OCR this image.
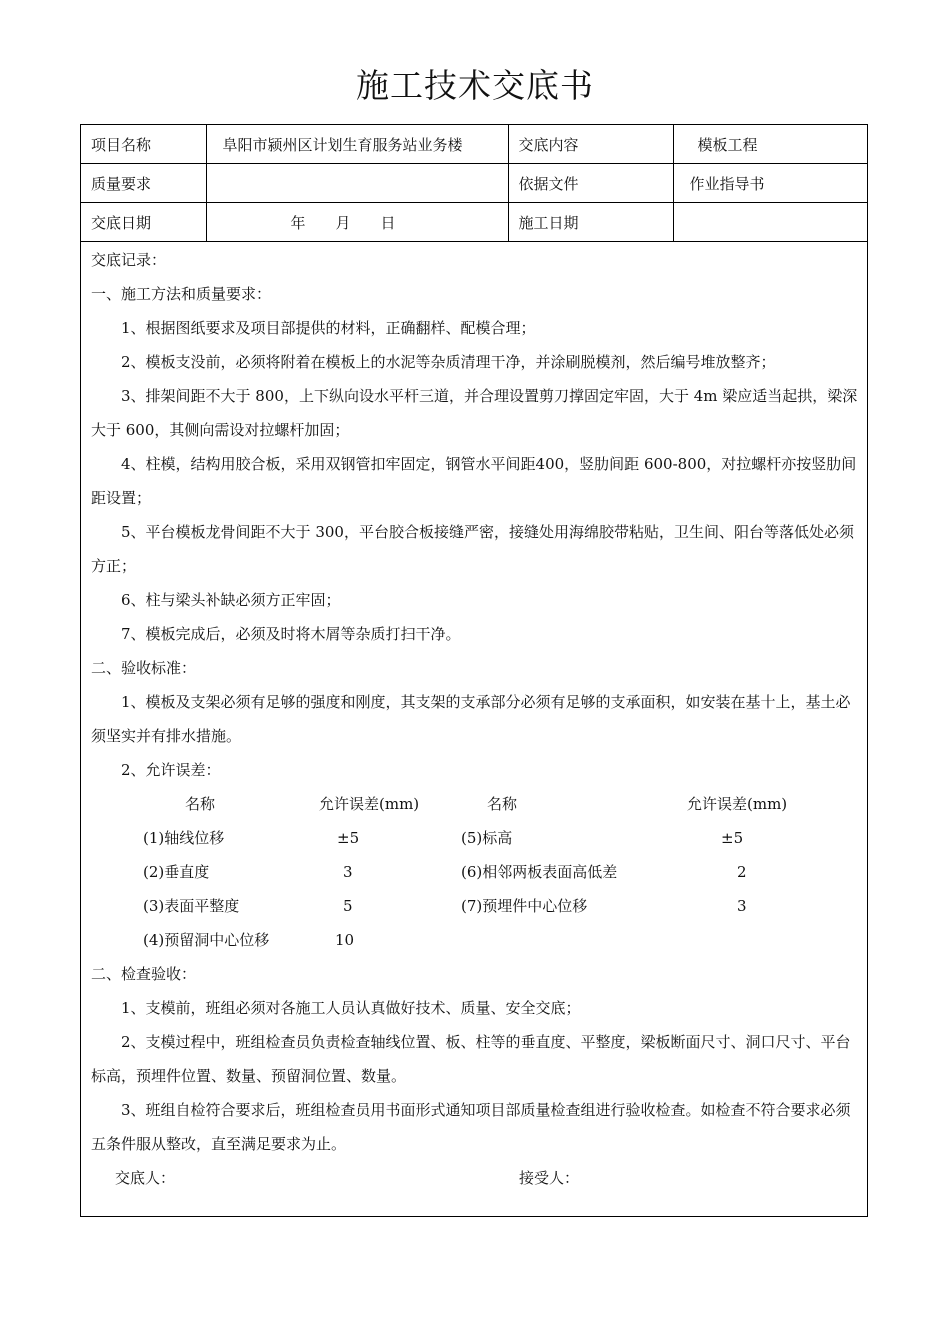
施工技术交底书
项目名称	阜阳市颍州区计划生育服务站业务楼	交底内容	模板工程
质量要求		依据文件	作业指导书
交底日期	年　　月　　日	施工日期	

交底记录：

一、施工方法和质量要求：

1、根据图纸要求及项目部提供的材料，正确翻样、配模合理；

2、模板支没前，必须将附着在模板上的水泥等杂质清理干净，并涂刷脱模剂，然后编号堆放整齐；

3、排架间距不大于 800，上下纵向设水平杆三道，并合理设置剪刀撑固定牢固，大于 4m 梁应适当起拱，梁深大于 600，其侧向需设对拉螺杆加固；

4、柱模，结构用胶合板，采用双钢管扣牢固定，钢管水平间距400，竖肋间距 600-800，对拉螺杆亦按竖肋间距设置；

5、平台模板龙骨间距不大于 300，平台胶合板接缝严密，接缝处用海绵胶带粘贴，卫生间、阳台等落低处必须方正；

6、柱与梁头补缺必须方正牢固；

7、模板完成后，必须及时将木屑等杂质打扫干净。

二、验收标准：

1、模板及支架必须有足够的强度和刚度，其支架的支承部分必须有足够的支承面积，如安装在基十上，基土必须坚实并有排水措施。

2、允许误差：

名称	允许误差(mm)	名称	允许误差(mm)
(1)轴线位移	±5	(5)标高	±5
(2)垂直度	3	(6)相邻两板表面高低差	2
(3)表面平整度	5	(7)预埋件中心位移	3
(4)预留洞中心位移	10

二、检查验收：

1、支模前，班组必须对各施工人员认真做好技术、质量、安全交底；

2、支模过程中，班组检查员负责检查轴线位置、板、柱等的垂直度、平整度，梁板断面尺寸、洞口尺寸、平台标高，预埋件位置、数量、预留洞位置、数量。

3、班组自检符合要求后，班组检查员用书面形式通知项目部质量检查组进行验收检查。如检查不符合要求必须五条件服从整改，直至满足要求为止。

交底人：	接受人：
